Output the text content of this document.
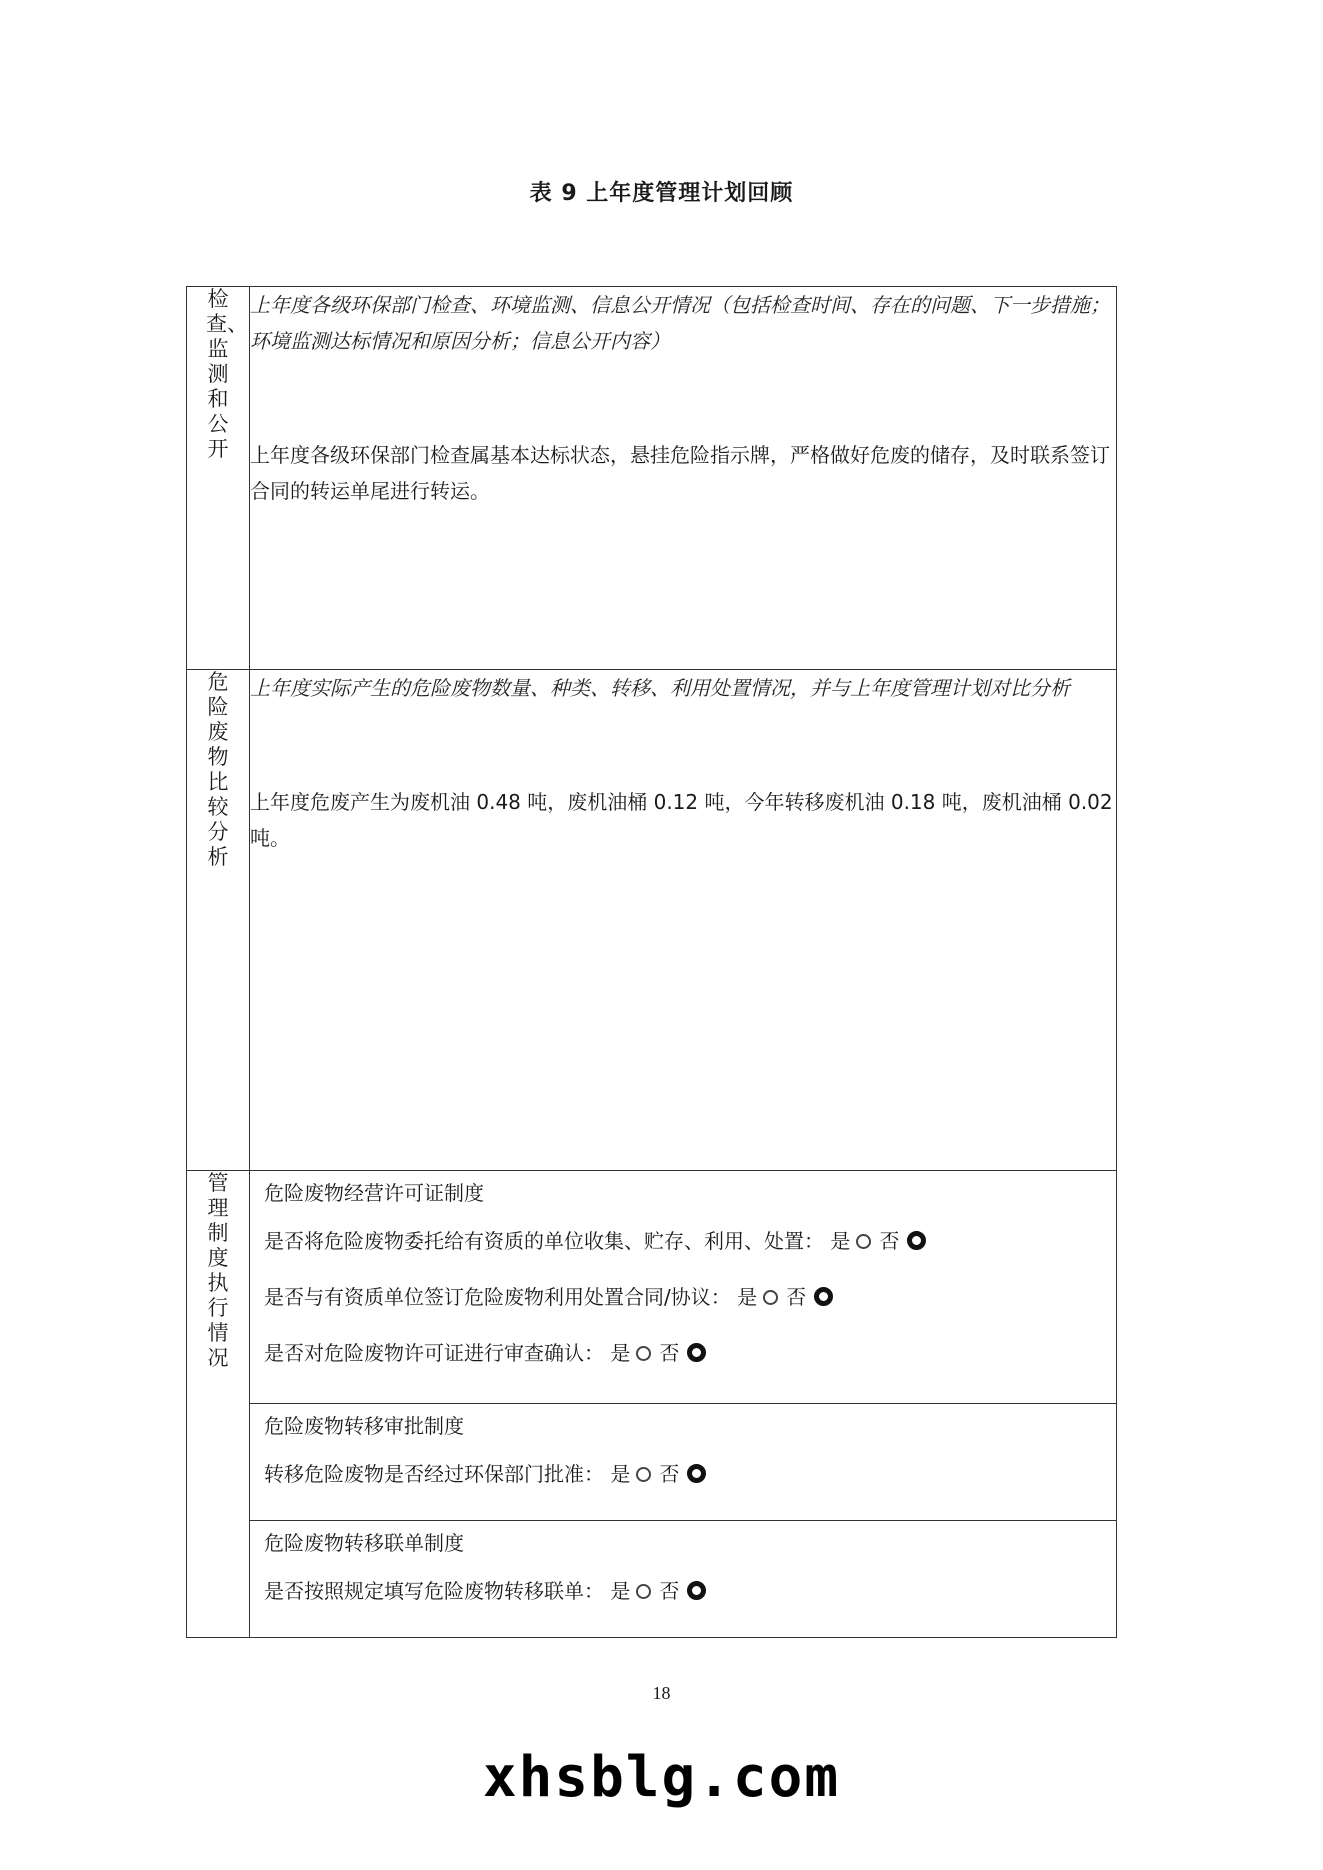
表 9 上年度管理计划回顾
检查、监测和公开	上年度各级环保部门检查、环境监测、信息公开情况（包括检查时间、存在的问题、下一步措施；环境监测达标情况和原因分析；信息公开内容）
上年度各级环保部门检查属基本达标状态，悬挂危险指示牌，严格做好危废的储存，及时联系签订合同的转运单尾进行转运。

危险废物比较分析	上年度实际产生的危险废物数量、种类、转移、利用处置情况，并与上年度管理计划对比分析
上年度危废产生为废机油 0.48 吨，废机油桶 0.12 吨，今年转移废机油 0.18 吨，废机油桶 0.02 吨。

管理制度执行情况	危险废物经营许可证制度
是否将危险废物委托给有资质的单位收集、贮存、利用、处置： 是 否
是否与有资质单位签订危险废物利用处置合同/协议： 是 否
是否对危险废物许可证进行审查确认： 是 否

	危险废物转移审批制度
转移危险废物是否经过环保部门批准： 是 否

	危险废物转移联单制度
是否按照规定填写危险废物转移联单： 是 否
18
xhsblg.com
